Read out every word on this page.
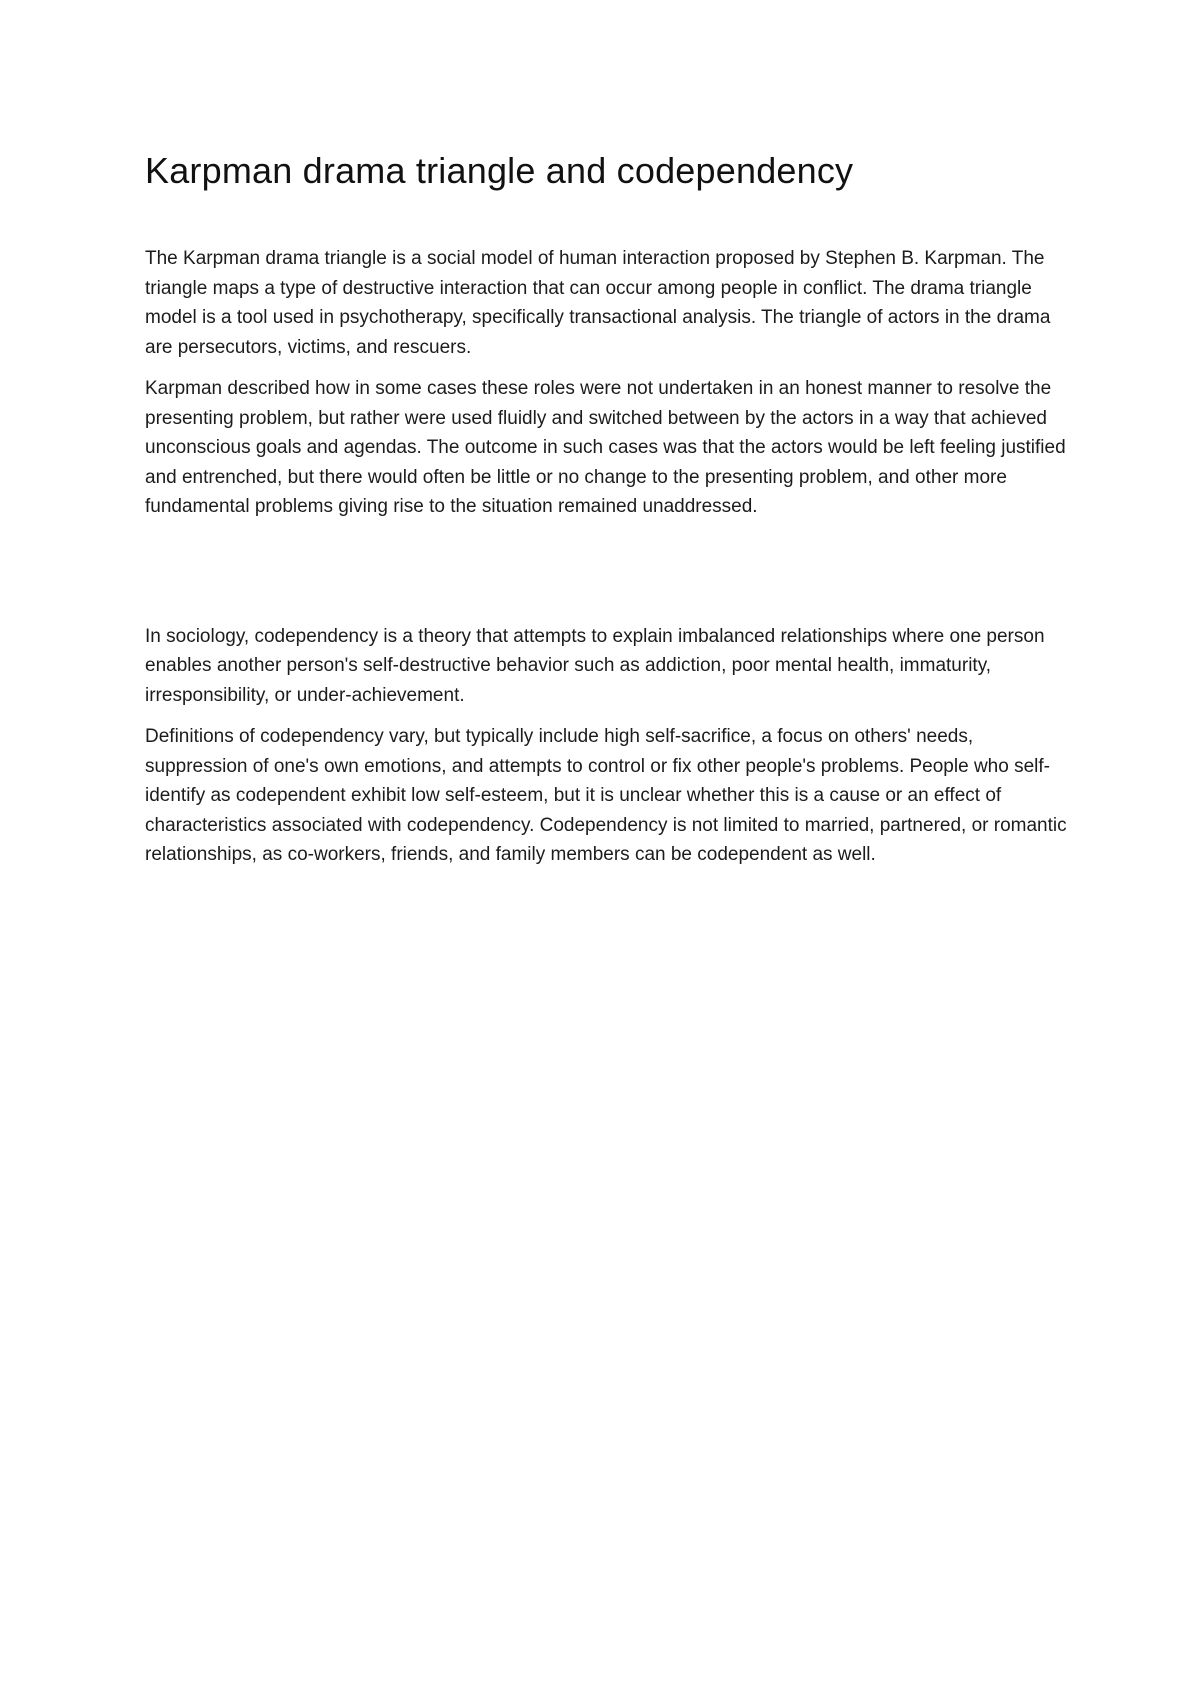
Karpman drama triangle and codependency

The Karpman drama triangle is a social model of human interaction proposed by Stephen B. Karpman. The triangle maps a type of destructive interaction that can occur among people in conflict. The drama triangle model is a tool used in psychotherapy, specifically transactional analysis. The triangle of actors in the drama are persecutors, victims, and rescuers.

Karpman described how in some cases these roles were not undertaken in an honest manner to resolve the presenting problem, but rather were used fluidly and switched between by the actors in a way that achieved unconscious goals and agendas. The outcome in such cases was that the actors would be left feeling justified and entrenched, but there would often be little or no change to the presenting problem, and other more fundamental problems giving rise to the situation remained unaddressed.

In sociology, codependency is a theory that attempts to explain imbalanced relationships where one person enables another person's self-destructive behavior such as addiction, poor mental health, immaturity, irresponsibility, or under-achievement.

Definitions of codependency vary, but typically include high self-sacrifice, a focus on others' needs, suppression of one's own emotions, and attempts to control or fix other people's problems. People who self-identify as codependent exhibit low self-esteem, but it is unclear whether this is a cause or an effect of characteristics associated with codependency. Codependency is not limited to married, partnered, or romantic relationships, as co-workers, friends, and family members can be codependent as well.
